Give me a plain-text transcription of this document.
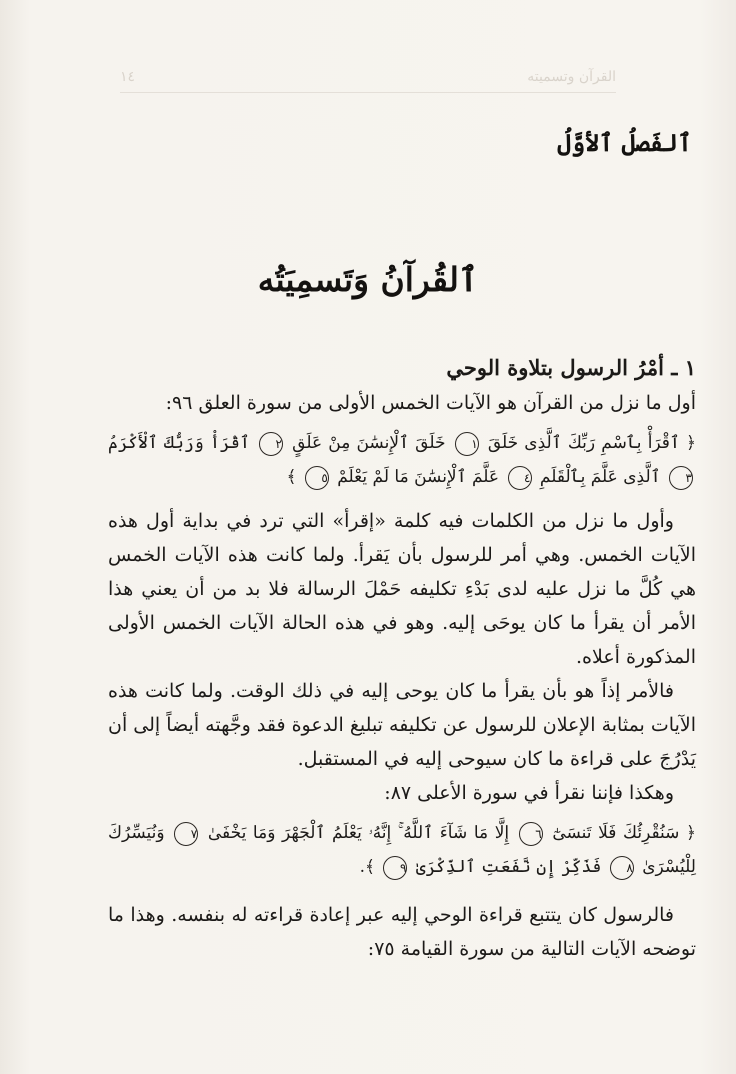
القرآن وتسميته
١٤
ٱلفَصلُ ٱلأوَّلُ
ٱلقُرآنُ وَتَسمِيَتُه
١ ـ أمْرُ الرسول بتلاوة الوحي

أول ما نزل من القرآن هو الآيات الخمس الأولى من سورة العلق ٩٦:

﴿ ٱقْرَأْ بِٱسْمِ رَبِّكَ ٱلَّذِى خَلَقَ ١ خَلَقَ ٱلْإِنسَٰنَ مِنْ عَلَقٍ ٢ ٱقْرَأْ وَرَبُّكَ ٱلْأَكْرَمُ ٣ ٱلَّذِى عَلَّمَ بِٱلْقَلَمِ ٤ عَلَّمَ ٱلْإِنسَٰنَ مَا لَمْ يَعْلَمْ ٥ ﴾

وأول ما نزل من الكلمات فيه كلمة «إقرأ» التي ترد في بداية أول هذه الآيات الخمس. وهي أمر للرسول بأن يَقرأ. ولما كانت هذه الآيات الخمس هي كُلَّ ما نزل عليه لدى بَدْءِ تكليفه حَمْلَ الرسالة فلا بد من أن يعني هذا الأمر أن يقرأ ما كان يوحَى إليه. وهو في هذه الحالة الآيات الخمس الأولى المذكورة أعلاه.

فالأمر إذاً هو بأن يقرأ ما كان يوحى إليه في ذلك الوقت. ولما كانت هذه الآيات بمثابة الإعلان للرسول عن تكليفه تبليغ الدعوة فقد وجَّهته أيضاً إلى أن يَدْرُجَ على قراءة ما كان سيوحى إليه في المستقبل.

وهكذا فإننا نقرأ في سورة الأعلى ٨٧:

﴿ سَنُقْرِئُكَ فَلَا تَنسَىٰٓ ٦ إِلَّا مَا شَآءَ ٱللَّهُ ۚ إِنَّهُۥ يَعْلَمُ ٱلْجَهْرَ وَمَا يَخْفَىٰ ٧ وَنُيَسِّرُكَ لِلْيُسْرَىٰ ٨ فَذَكِّرْ إِن نَّفَعَتِ ٱلذِّكْرَىٰ ٩ ﴾.

فالرسول كان يتتبع قراءة الوحي إليه عبر إعادة قراءته له بنفسه. وهذا ما توضحه الآيات التالية من سورة القيامة ٧٥:
